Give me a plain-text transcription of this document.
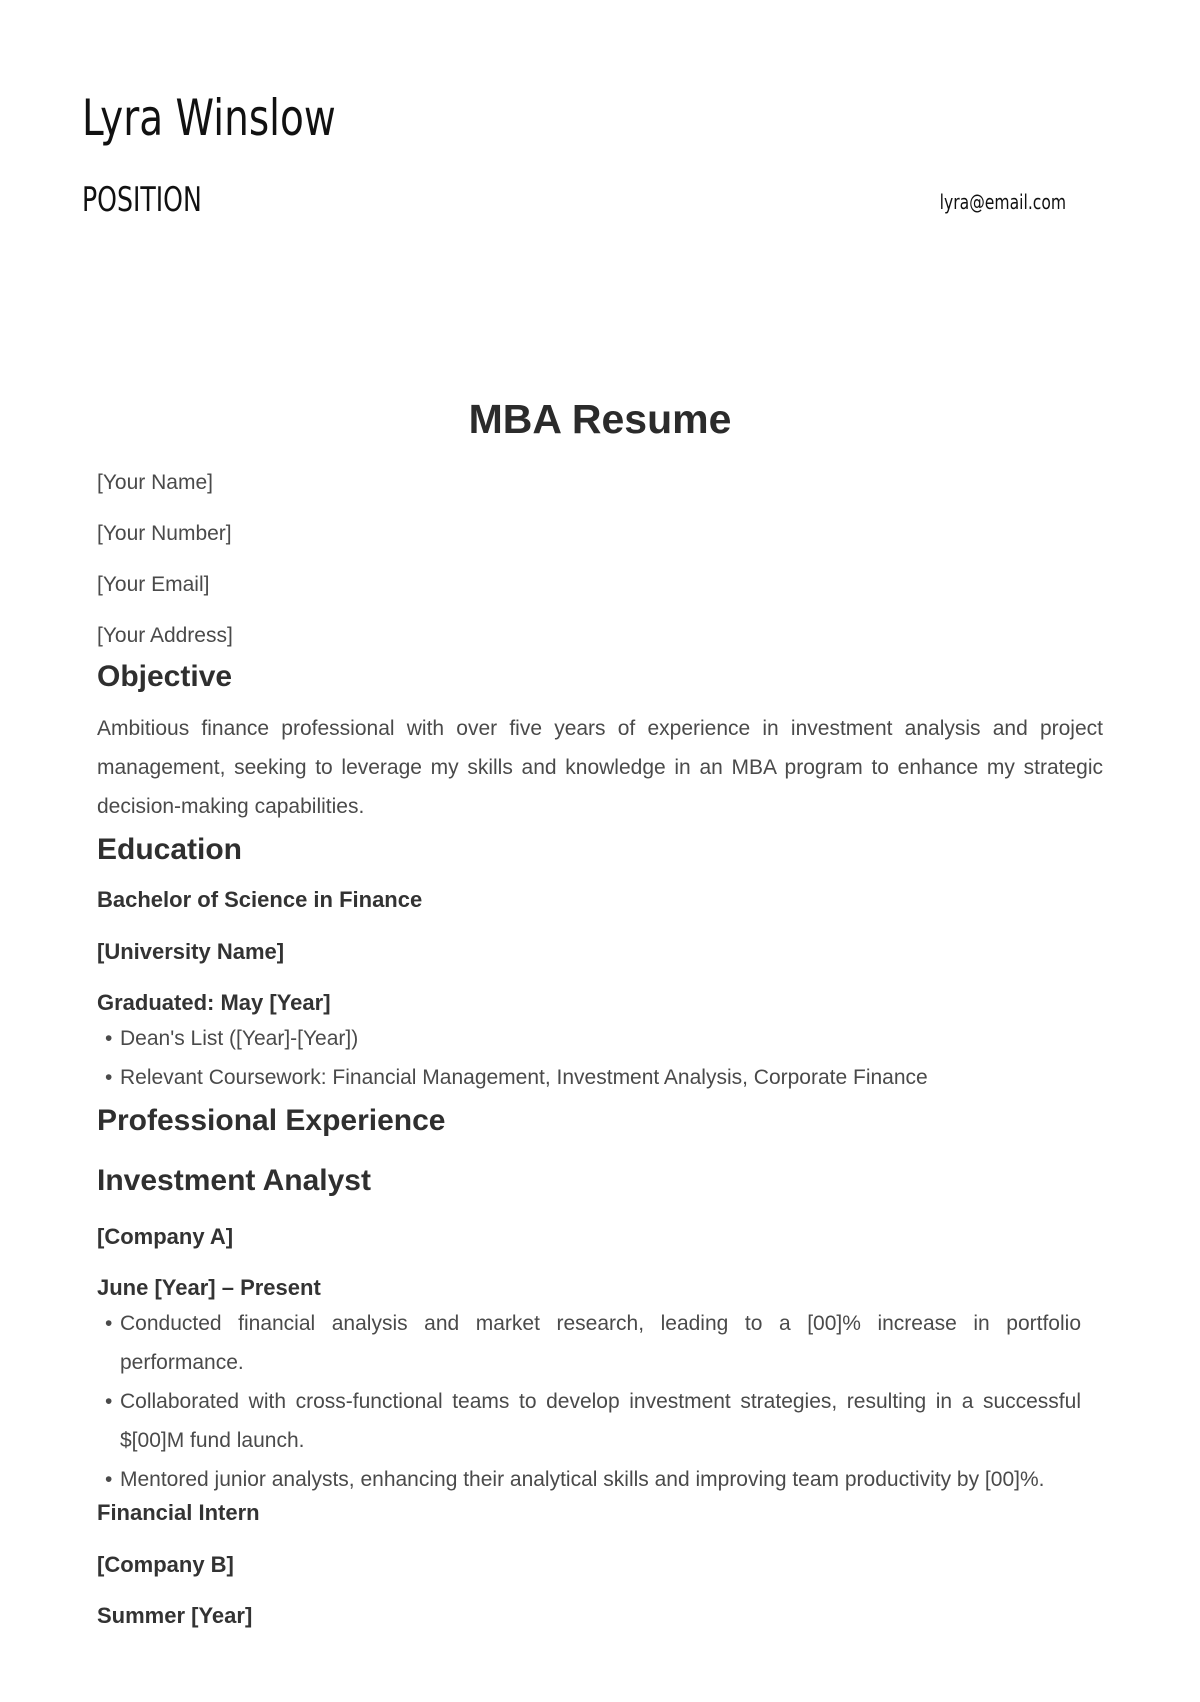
Lyra Winslow
POSITION	lyra@email.com
MBA Resume
[Your Name]
[Your Number]
[Your Email]
[Your Address]
Objective

Ambitious finance professional with over five years of experience in investment analysis and project management, seeking to leverage my skills and knowledge in an MBA program to enhance my strategic decision-making capabilities.

Education
Bachelor of Science in Finance
[University Name]
Graduated: May [Year]
• Dean's List ([Year]-[Year])
• Relevant Coursework: Financial Management, Investment Analysis, Corporate Finance
Professional Experience
Investment Analyst
[Company A]
June [Year] – Present
• Conducted financial analysis and market research, leading to a [00]% increase in portfolio performance.
• Collaborated with cross-functional teams to develop investment strategies, resulting in a successful $[00]M fund launch.
• Mentored junior analysts, enhancing their analytical skills and improving team productivity by [00]%.
Financial Intern
[Company B]
Summer [Year]
